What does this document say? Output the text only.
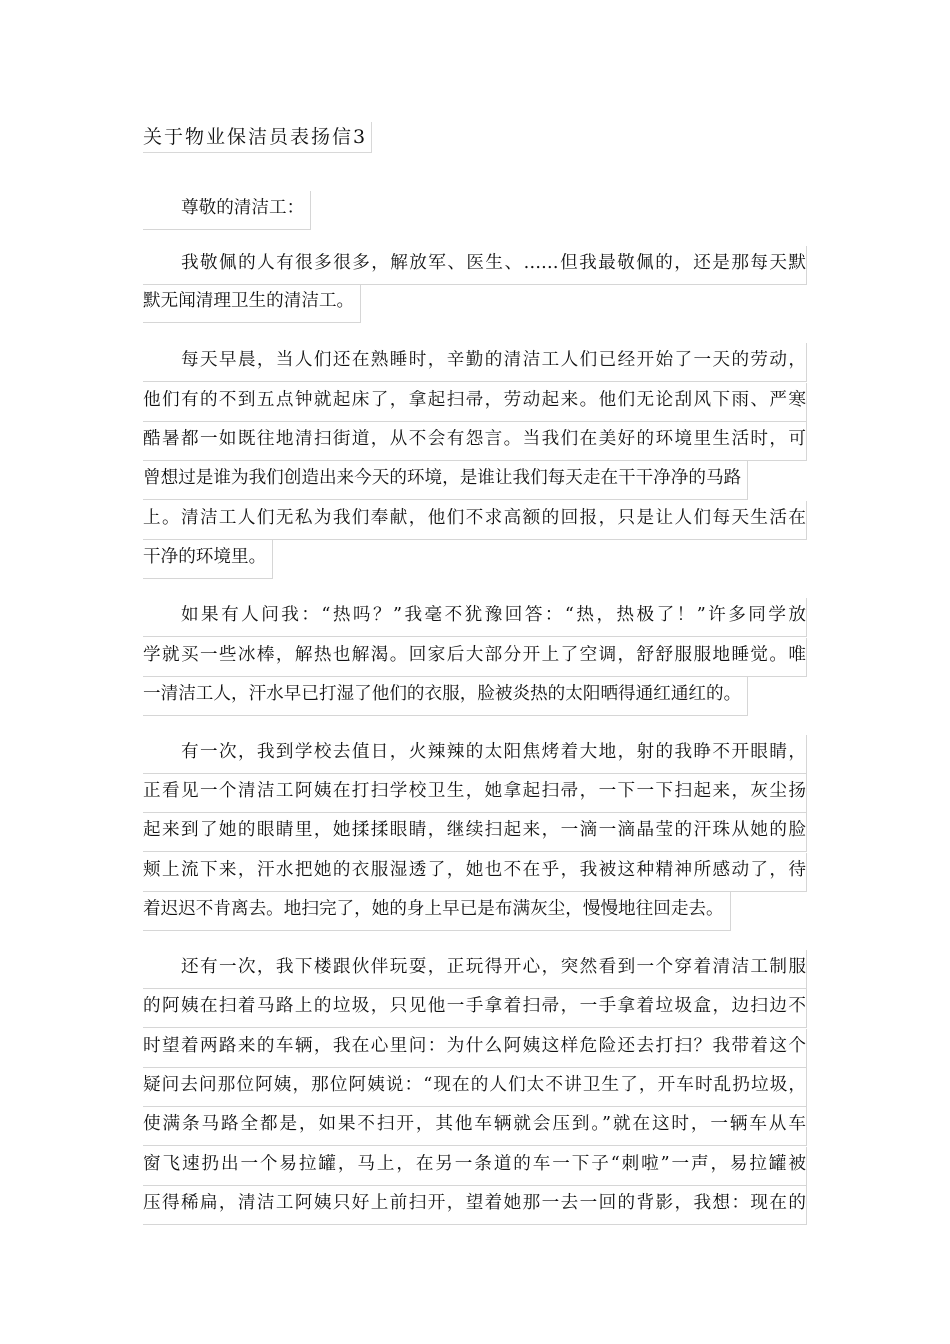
关于物业保洁员表扬信3
尊敬的清洁工：
我敬佩的人有很多很多，解放军、医生、……但我最敬佩的，还是那每天默
默无闻清理卫生的清洁工。
每天早晨，当人们还在熟睡时，辛勤的清洁工人们已经开始了一天的劳动，
他们有的不到五点钟就起床了，拿起扫帚，劳动起来。他们无论刮风下雨、严寒
酷暑都一如既往地清扫街道，从不会有怨言。当我们在美好的环境里生活时，可
曾想过是谁为我们创造出来今天的环境，是谁让我们每天走在干干净净的马路
上。清洁工人们无私为我们奉献，他们不求高额的回报，只是让人们每天生活在
干净的环境里。
如果有人问我：“热吗？”我毫不犹豫回答：“热，热极了！”许多同学放
学就买一些冰棒，解热也解渴。回家后大部分开上了空调，舒舒服服地睡觉。唯
一清洁工人，汗水早已打湿了他们的衣服，脸被炎热的太阳晒得通红通红的。
有一次，我到学校去值日，火辣辣的太阳焦烤着大地，射的我睁不开眼睛，
正看见一个清洁工阿姨在打扫学校卫生，她拿起扫帚，一下一下扫起来，灰尘扬
起来到了她的眼睛里，她揉揉眼睛，继续扫起来，一滴一滴晶莹的汗珠从她的脸
颊上流下来，汗水把她的衣服湿透了，她也不在乎，我被这种精神所感动了，待
着迟迟不肯离去。地扫完了，她的身上早已是布满灰尘，慢慢地往回走去。
还有一次，我下楼跟伙伴玩耍，正玩得开心，突然看到一个穿着清洁工制服
的阿姨在扫着马路上的垃圾，只见他一手拿着扫帚，一手拿着垃圾盒，边扫边不
时望着两路来的车辆，我在心里问：为什么阿姨这样危险还去打扫？我带着这个
疑问去问那位阿姨，那位阿姨说：“现在的人们太不讲卫生了，开车时乱扔垃圾，
使满条马路全都是，如果不扫开，其他车辆就会压到。”就在这时，一辆车从车
窗飞速扔出一个易拉罐，马上，在另一条道的车一下子“刺啦”一声，易拉罐被
压得稀扁，清洁工阿姨只好上前扫开，望着她那一去一回的背影，我想：现在的
